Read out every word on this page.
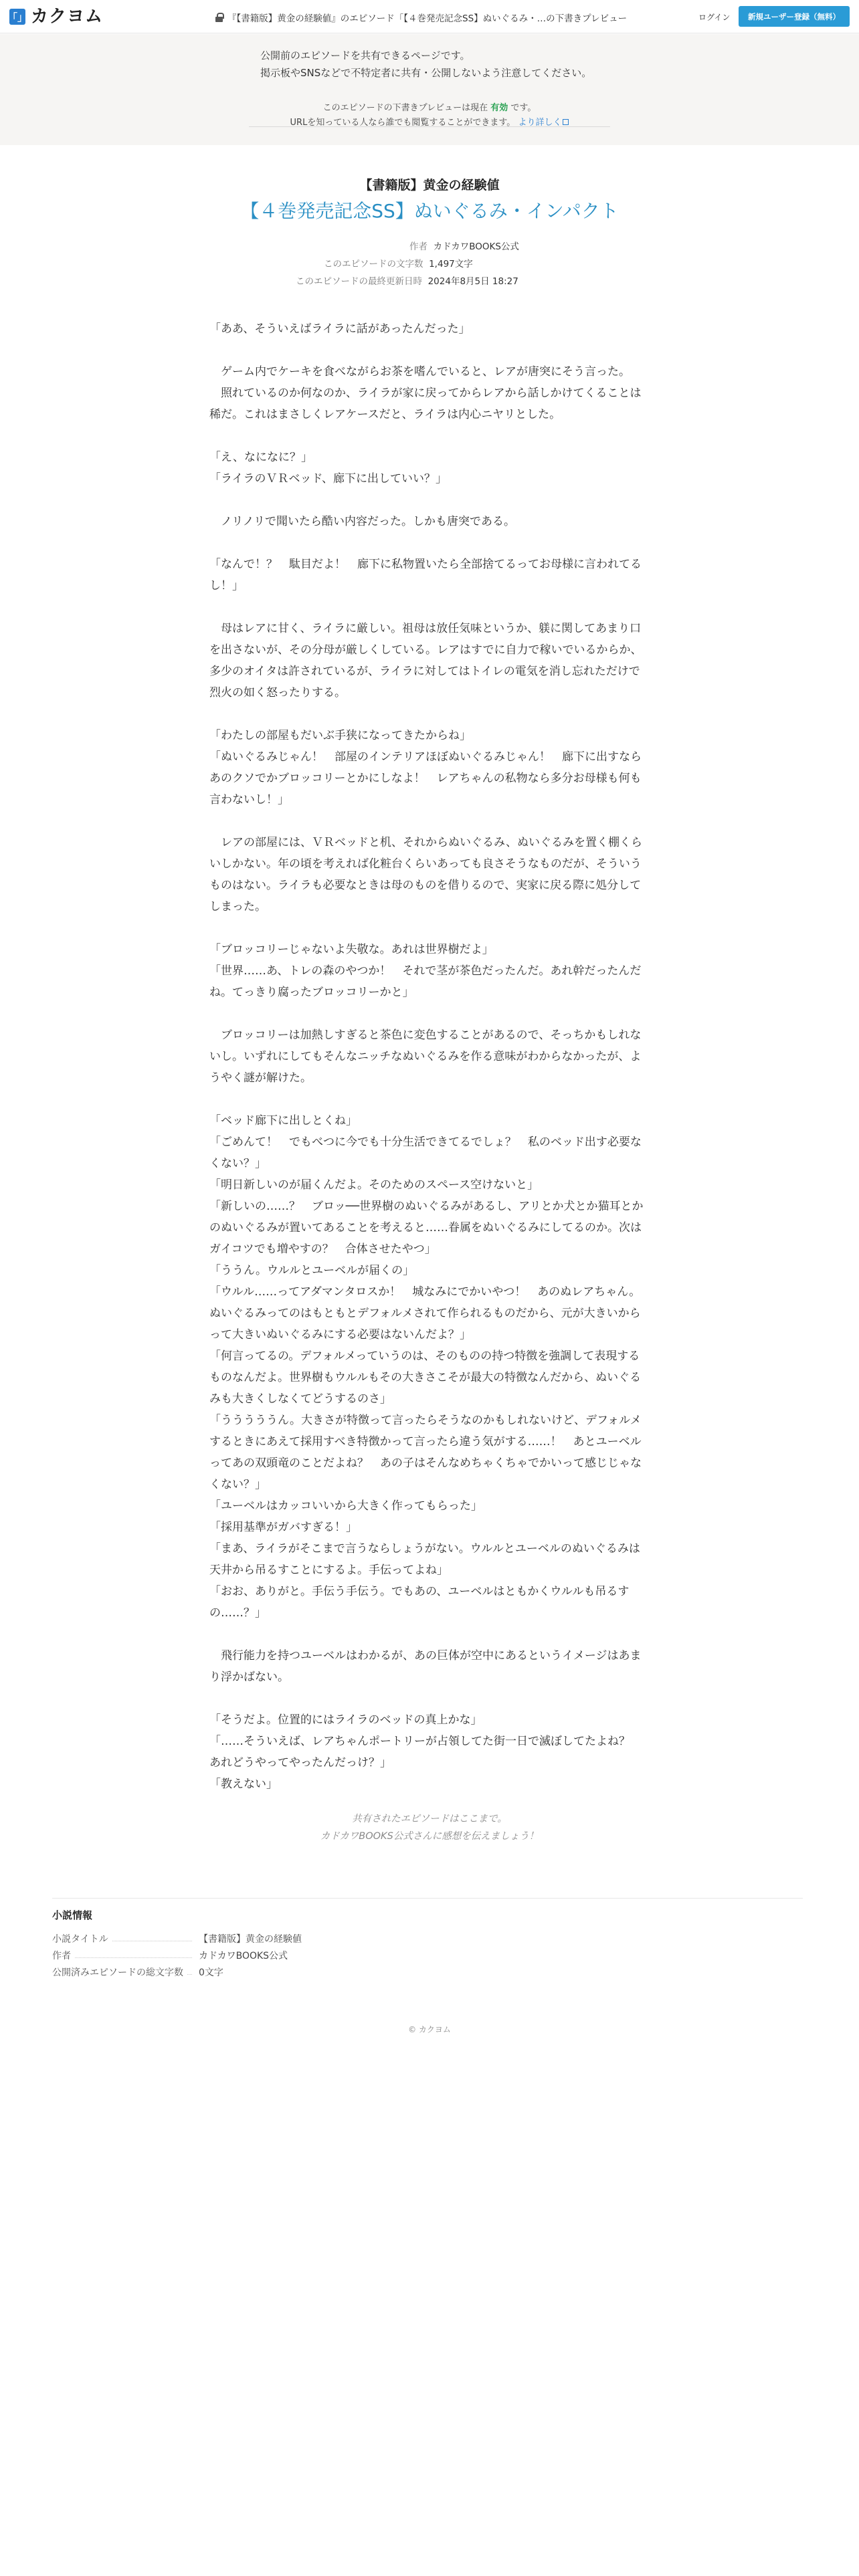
「」 カクヨム	『【書籍版】黄金の経験値』のエピソード「【４巻発売記念SS】ぬいぐるみ・…の下書きプレビュー	ログイン	新規ユーザー登録（無料）
公開前のエピソードを共有できるページです。
掲示板やSNSなどで不特定者に共有・公開しないよう注意してください。
このエピソードの下書きプレビューは現在 有効 です。
URLを知っている人なら誰でも閲覧することができます。 より詳しく
【書籍版】黄金の経験値
【４巻発売記念SS】ぬいぐるみ・インパクト
作者 カドカワBOOKS公式
このエピソードの文字数 1,497文字
このエピソードの最終更新日時 2024年8月5日 18:27

「ああ、そういえばライラに話があったんだった」

　ゲーム内でケーキを食べながらお茶を嗜んでいると、レアが唐突にそう言った。

　照れているのか何なのか、ライラが家に戻ってからレアから話しかけてくることは稀だ。これはまさしくレアケースだと、ライラは内心ニヤリとした。

「え、なになに？」

「ライラのＶＲベッド、廊下に出していい？」

　ノリノリで聞いたら酷い内容だった。しかも唐突である。

「なんで！？　駄目だよ！　廊下に私物置いたら全部捨てるってお母様に言われてるし！」

　母はレアに甘く、ライラに厳しい。祖母は放任気味というか、躾に関してあまり口を出さないが、その分母が厳しくしている。レアはすでに自力で稼いでいるからか、多少のオイタは許されているが、ライラに対してはトイレの電気を消し忘れただけで烈火の如く怒ったりする。

「わたしの部屋もだいぶ手狭になってきたからね」

「ぬいぐるみじゃん！　部屋のインテリアほぼぬいぐるみじゃん！　廊下に出すならあのクソでかブロッコリーとかにしなよ！　レアちゃんの私物なら多分お母様も何も言わないし！」

　レアの部屋には、ＶＲベッドと机、それからぬいぐるみ、ぬいぐるみを置く棚くらいしかない。年の頃を考えれば化粧台くらいあっても良さそうなものだが、そういうものはない。ライラも必要なときは母のものを借りるので、実家に戻る際に処分してしまった。

「ブロッコリーじゃないよ失敬な。あれは世界樹だよ」

「世界……あ、トレの森のやつか！　それで茎が茶色だったんだ。あれ幹だったんだね。てっきり腐ったブロッコリーかと」

　ブロッコリーは加熱しすぎると茶色に変色することがあるので、そっちかもしれないし。いずれにしてもそんなニッチなぬいぐるみを作る意味がわからなかったが、ようやく謎が解けた。

「ベッド廊下に出しとくね」

「ごめんて！　でもべつに今でも十分生活できてるでしょ？　私のベッド出す必要なくない？」

「明日新しいのが届くんだよ。そのためのスペース空けないと」

「新しいの……？　ブロッ──世界樹のぬいぐるみがあるし、アリとか犬とか猫耳とかのぬいぐるみが置いてあることを考えると……眷属をぬいぐるみにしてるのか。次はガイコツでも増やすの？　合体させたやつ」

「ううん。ウルルとユーベルが届くの」

「ウルル……ってアダマンタロスか！　城なみにでかいやつ！　あのぬレアちゃん。ぬいぐるみってのはもともとデフォルメされて作られるものだから、元が大きいからって大きいぬいぐるみにする必要はないんだよ？」

「何言ってるの。デフォルメっていうのは、そのものの持つ特徴を強調して表現するものなんだよ。世界樹もウルルもその大きさこそが最大の特徴なんだから、ぬいぐるみも大きくしなくてどうするのさ」

「うううううん。大きさが特徴って言ったらそうなのかもしれないけど、デフォルメするときにあえて採用すべき特徴かって言ったら違う気がする……！　あとユーベルってあの双頭竜のことだよね？　あの子はそんなめちゃくちゃでかいって感じじゃなくない？」

「ユーベルはカッコいいから大きく作ってもらった」

「採用基準がガバすぎる！」

「まあ、ライラがそこまで言うならしょうがない。ウルルとユーベルのぬいぐるみは天井から吊るすことにするよ。手伝ってよね」

「おお、ありがと。手伝う手伝う。でもあの、ユーベルはともかくウルルも吊るすの……？」

　飛行能力を持つユーベルはわかるが、あの巨体が空中にあるというイメージはあまり浮かばない。

「そうだよ。位置的にはライラのベッドの真上かな」

「……そういえば、レアちゃんポートリーが占領してた街一日で滅ぼしてたよね？　あれどうやってやったんだっけ？」

「教えない」

共有されたエピソードはここまで。
カドカワBOOKS公式さんに感想を伝えましょう！
小説情報
小説タイトル	【書籍版】黄金の経験値
作者	カドカワBOOKS公式
公開済みエピソードの総文字数 0文字
© カクヨム
